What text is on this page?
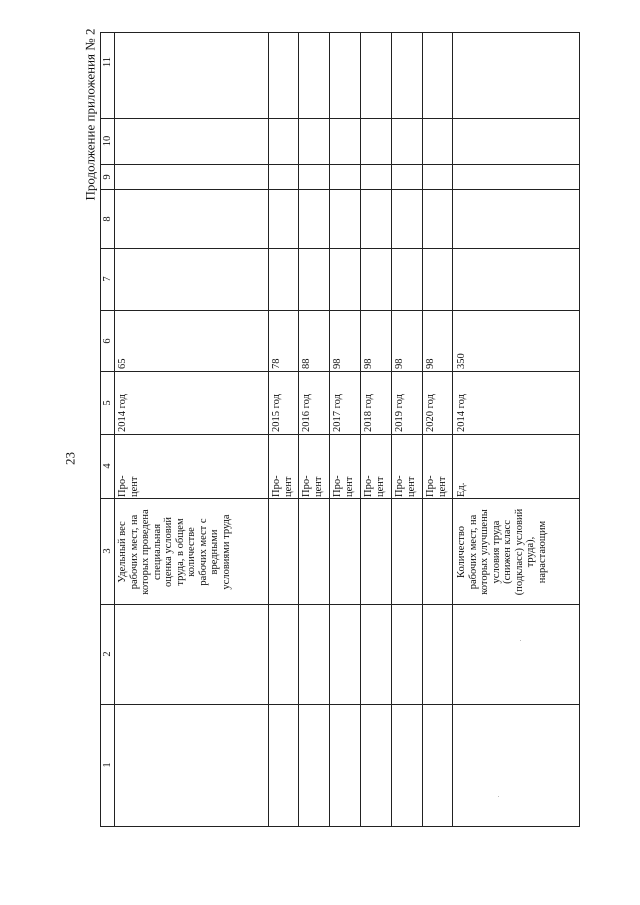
23
Продолжение приложения № 2 11
10
9
8
7
6
5
4
3
2
1
Удельный вес рабочих мест, на которых проведена специальная оценка условий труда, в общем количестве рабочих мест с вредными условиями труда
Про- цент
2014 год
65
Про- цент
2015 год
78
Про- цент
2016 год
88
Про- цент
2017 год
98
Про- цент
2018 год
98
Про- цент
2019 год
98
Про- цент
2020 год
98
Количество рабочих мест, на которых улучшены условия труда (снижен класс (подкласс) условий труда), нарастающим
Ед.
2014 год
350
